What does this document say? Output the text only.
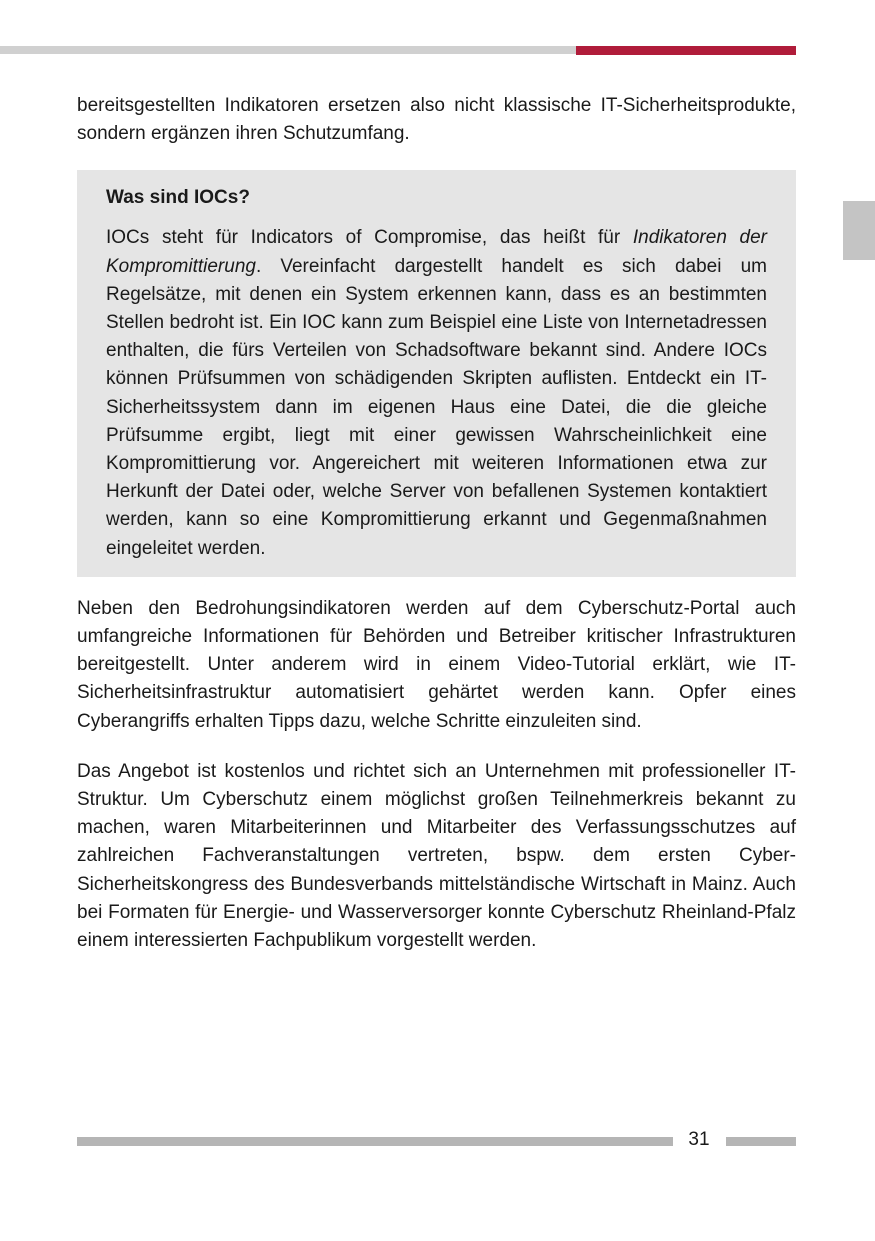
bereitsgestellten Indikatoren ersetzen also nicht klassische IT-Sicherheitsprodukte, sondern ergänzen ihren Schutzumfang.

Was sind IOCs?

IOCs steht für Indicators of Compromise, das heißt für Indikatoren der Kompromittierung. Vereinfacht dargestellt handelt es sich dabei um Regelsätze, mit denen ein System erkennen kann, dass es an bestimmten Stellen bedroht ist. Ein IOC kann zum Beispiel eine Liste von Internetadressen enthalten, die fürs Verteilen von Schadsoftware bekannt sind. Andere IOCs können Prüfsummen von schädigenden Skripten auflisten. Entdeckt ein IT-Sicherheitssystem dann im eigenen Haus eine Datei, die die gleiche Prüfsumme ergibt, liegt mit einer gewissen Wahrscheinlichkeit eine Kompromittierung vor. Angereichert mit weiteren Informationen etwa zur Herkunft der Datei oder, welche Server von befallenen Systemen kontaktiert werden, kann so eine Kompromittierung erkannt und Gegenmaßnahmen eingeleitet werden.

Neben den Bedrohungsindikatoren werden auf dem Cyberschutz-Portal auch umfangreiche Informationen für Behörden und Betreiber kritischer Infrastrukturen bereitgestellt. Unter anderem wird in einem Video-Tutorial erklärt, wie IT-Sicherheitsinfrastruktur automatisiert gehärtet werden kann. Opfer eines Cyberangriffs erhalten Tipps dazu, welche Schritte einzuleiten sind.

Das Angebot ist kostenlos und richtet sich an Unternehmen mit professioneller IT-Struktur. Um Cyberschutz einem möglichst großen Teilnehmerkreis bekannt zu machen, waren Mitarbeiterinnen und Mitarbeiter des Verfassungsschutzes auf zahlreichen Fachveranstaltungen vertreten, bspw. dem ersten Cyber-Sicherheitskongress des Bundesverbands mittelständische Wirtschaft in Mainz. Auch bei Formaten für Energie- und Wasserversorger konnte Cyberschutz Rheinland-Pfalz einem interessierten Fachpublikum vorgestellt werden.

31
